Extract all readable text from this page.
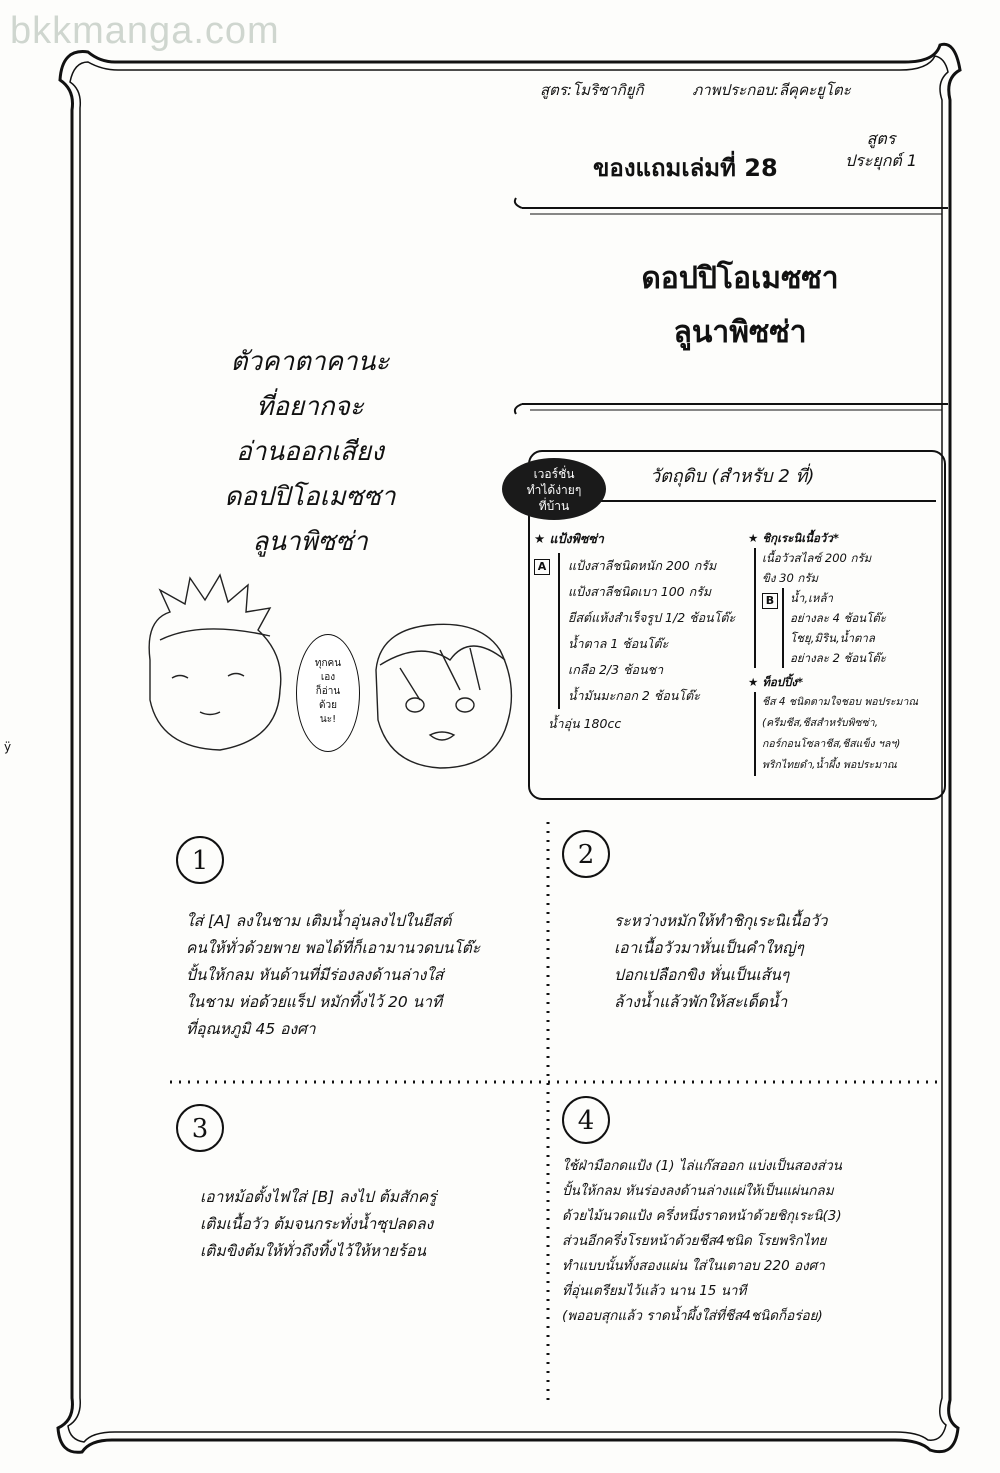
bkkmanga.com
สูตร:โมริซากิยูกิ	ภาพประกอบ:ลีคุคะยูโตะ
ของแถมเล่มที่ 28
สูตร
ประยุกต์ 1
ดอปปิโอเมซซา
ลูนาพิซซ่า
ตัวคาตาคานะ
ที่อยากจะ
อ่านออกเสียง
ดอปปิโอเมซซา
ลูนาพิซซ่า
ทุกคน
เอง
ก็อ่าน
ด้วย
นะ!
วัตถุดิบ (สำหรับ 2 ที่)
เวอร์ชั่น
ทำได้ง่ายๆ
ที่บ้าน
★ แป้งพิซซ่า
A	แป้งสาลีชนิดหนัก 200 กรัม
แป้งสาลีชนิดเบา 100 กรัม
ยีสต์แห้งสำเร็จรูป 1/2 ช้อนโต๊ะ
น้ำตาล 1 ช้อนโต๊ะ
เกลือ 2/3 ช้อนชา
น้ำมันมะกอก 2 ช้อนโต๊ะ
น้ำอุ่น 180cc
★ ชิกุเระนิเนื้อวัว*
เนื้อวัวสไลซ์ 200 กรัม
ขิง 30 กรัม
B	น้ำ,เหล้า
อย่างละ 4 ช้อนโต๊ะ
โชยุ,มิริน,น้ำตาล
อย่างละ 2 ช้อนโต๊ะ
★ ท็อปปิ้ง*
ชีส 4 ชนิดตามใจชอบ พอประมาณ
(ครีมชีส,ชีสสำหรับพิซซ่า,
กอร์กอนโซลาชีส,ชีสแข็ง ฯลฯ)
พริกไทยดำ,น้ำผึ้ง พอประมาณ
1
ใส่ [A] ลงในชาม เติมน้ำอุ่นลงไปในยีสต์
คนให้ทั่วด้วยพาย พอได้ที่ก็เอามานวดบนโต๊ะ
ปั้นให้กลม หันด้านที่มีร่องลงด้านล่างใส่
ในชาม ห่อด้วยแร็ป หมักทิ้งไว้ 20 นาที
ที่อุณหภูมิ 45 องศา
2
ระหว่างหมักให้ทำชิกุเระนิเนื้อวัว
เอาเนื้อวัวมาหั่นเป็นคำใหญ่ๆ
ปอกเปลือกขิง หั่นเป็นเส้นๆ
ล้างน้ำแล้วพักให้สะเด็ดน้ำ
3
เอาหม้อตั้งไฟใส่ [B] ลงไป ต้มสักครู่
เติมเนื้อวัว ต้มจนกระทั่งน้ำซุปลดลง
เติมขิงต้มให้ทั่วถึงทิ้งไว้ให้หายร้อน
4
ใช้ฝ่ามือกดแป้ง (1) ไล่แก๊สออก แบ่งเป็นสองส่วน
ปั้นให้กลม หันร่องลงด้านล่างแผ่ให้เป็นแผ่นกลม
ด้วยไม้นวดแป้ง ครึ่งหนึ่งราดหน้าด้วยชิกุเระนิ(3)
ส่วนอีกครึ่งโรยหน้าด้วยชีส4ชนิด โรยพริกไทย
ทำแบบนั้นทั้งสองแผ่น ใส่ในเตาอบ 220 องศา
ที่อุ่นเตรียมไว้แล้ว นาน 15 นาที
(พออบสุกแล้ว ราดน้ำผึ้งใส่ที่ชีส4ชนิดก็อร่อย)
ÿ
